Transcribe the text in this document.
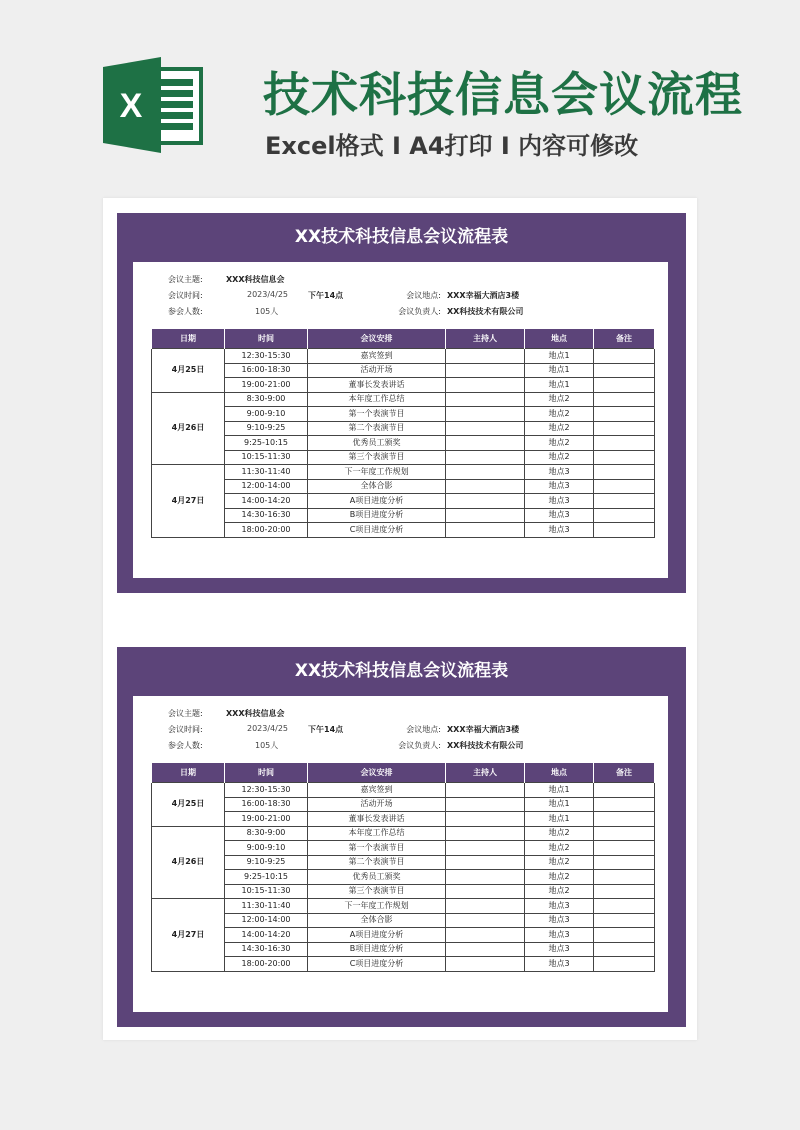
X	技术科技信息会议流程
Excel格式 I A4打印 I 内容可修改
XX技术科技信息会议流程表
会议主题:	XXX科技信息会
会议时间:	2023/4/25 下午14点	会议地点: XXX幸福大酒店3楼
参会人数:	105人	会议负责人: XX科技技术有限公司
日期	时间	会议安排	主持人	地点	备注
4月25日	12:30-15:30	嘉宾签到		地点1	
	16:00-18:30	活动开场		地点1	
	19:00-21:00	董事长发表讲话		地点1	
4月26日	8:30-9:00	本年度工作总结		地点2	
	9:00-9:10	第一个表演节目		地点2	
	9:10-9:25	第二个表演节目		地点2	
	9:25-10:15	优秀员工颁奖		地点2	
	10:15-11:30	第三个表演节目		地点2	
4月27日	11:30-11:40	下一年度工作规划		地点3	
	12:00-14:00	全体合影		地点3	
	14:00-14:20	A项目进度分析		地点3	
	14:30-16:30	B项目进度分析		地点3	
	18:00-20:00	C项目进度分析		地点3	
XX技术科技信息会议流程表
会议主题:	XXX科技信息会
会议时间:	2023/4/25 下午14点	会议地点: XXX幸福大酒店3楼
参会人数:	105人	会议负责人: XX科技技术有限公司
日期	时间	会议安排	主持人	地点	备注
4月25日	12:30-15:30	嘉宾签到		地点1	
	16:00-18:30	活动开场		地点1	
	19:00-21:00	董事长发表讲话		地点1	
4月26日	8:30-9:00	本年度工作总结		地点2	
	9:00-9:10	第一个表演节目		地点2	
	9:10-9:25	第二个表演节目		地点2	
	9:25-10:15	优秀员工颁奖		地点2	
	10:15-11:30	第三个表演节目		地点2	
4月27日	11:30-11:40	下一年度工作规划		地点3	
	12:00-14:00	全体合影		地点3	
	14:00-14:20	A项目进度分析		地点3	
	14:30-16:30	B项目进度分析		地点3	
	18:00-20:00	C项目进度分析		地点3	
